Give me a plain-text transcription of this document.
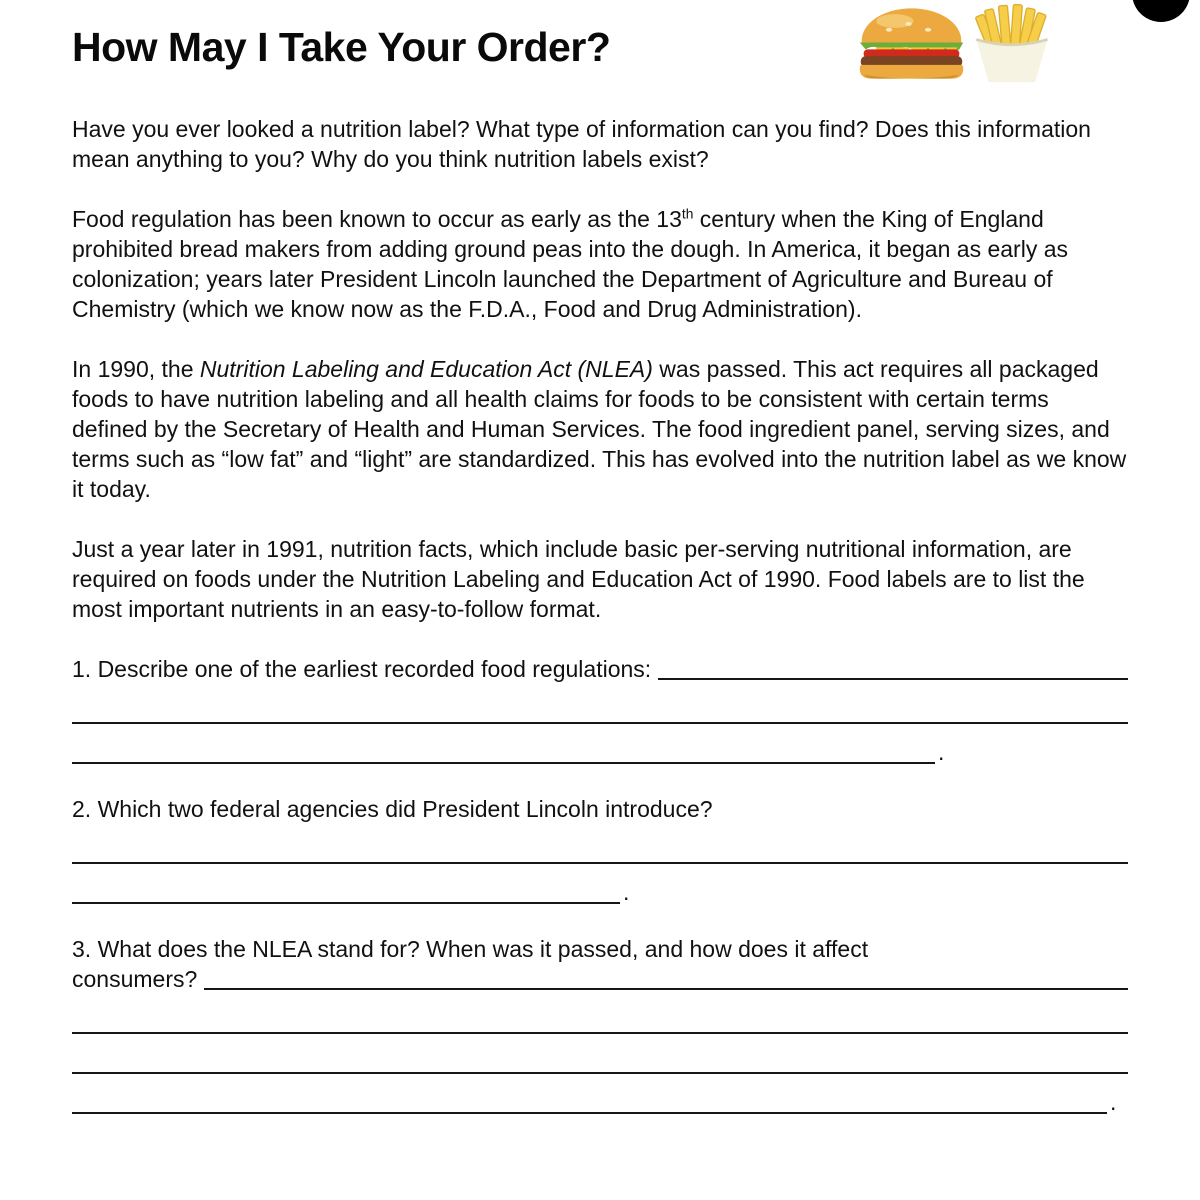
How May I Take Your Order?

Have you ever looked a nutrition label? What type of information can you find? Does this information mean anything to you? Why do you think nutrition labels exist?

Food regulation has been known to occur as early as the 13th century when the King of England prohibited bread makers from adding ground peas into the dough. In America, it began as early as colonization; years later President Lincoln launched the Department of Agriculture and Bureau of Chemistry (which we know now as the F.D.A., Food and Drug Administration).

In 1990, the Nutrition Labeling and Education Act (NLEA) was passed. This act requires all packaged foods to have nutrition labeling and all health claims for foods to be consistent with certain terms defined by the Secretary of Health and Human Services. The food ingredient panel, serving sizes, and terms such as “low fat” and “light” are standardized. This has evolved into the nutrition label as we know it today.

Just a year later in 1991, nutrition facts, which include basic per-serving nutritional information, are required on foods under the Nutrition Labeling and Education Act of 1990. Food labels are to list the most important nutrients in an easy-to-follow format.

1. Describe one of the earliest recorded food regulations:
.
2. Which two federal agencies did President Lincoln introduce?
.
3. What does the NLEA stand for? When was it passed, and how does it affect
consumers?
.
